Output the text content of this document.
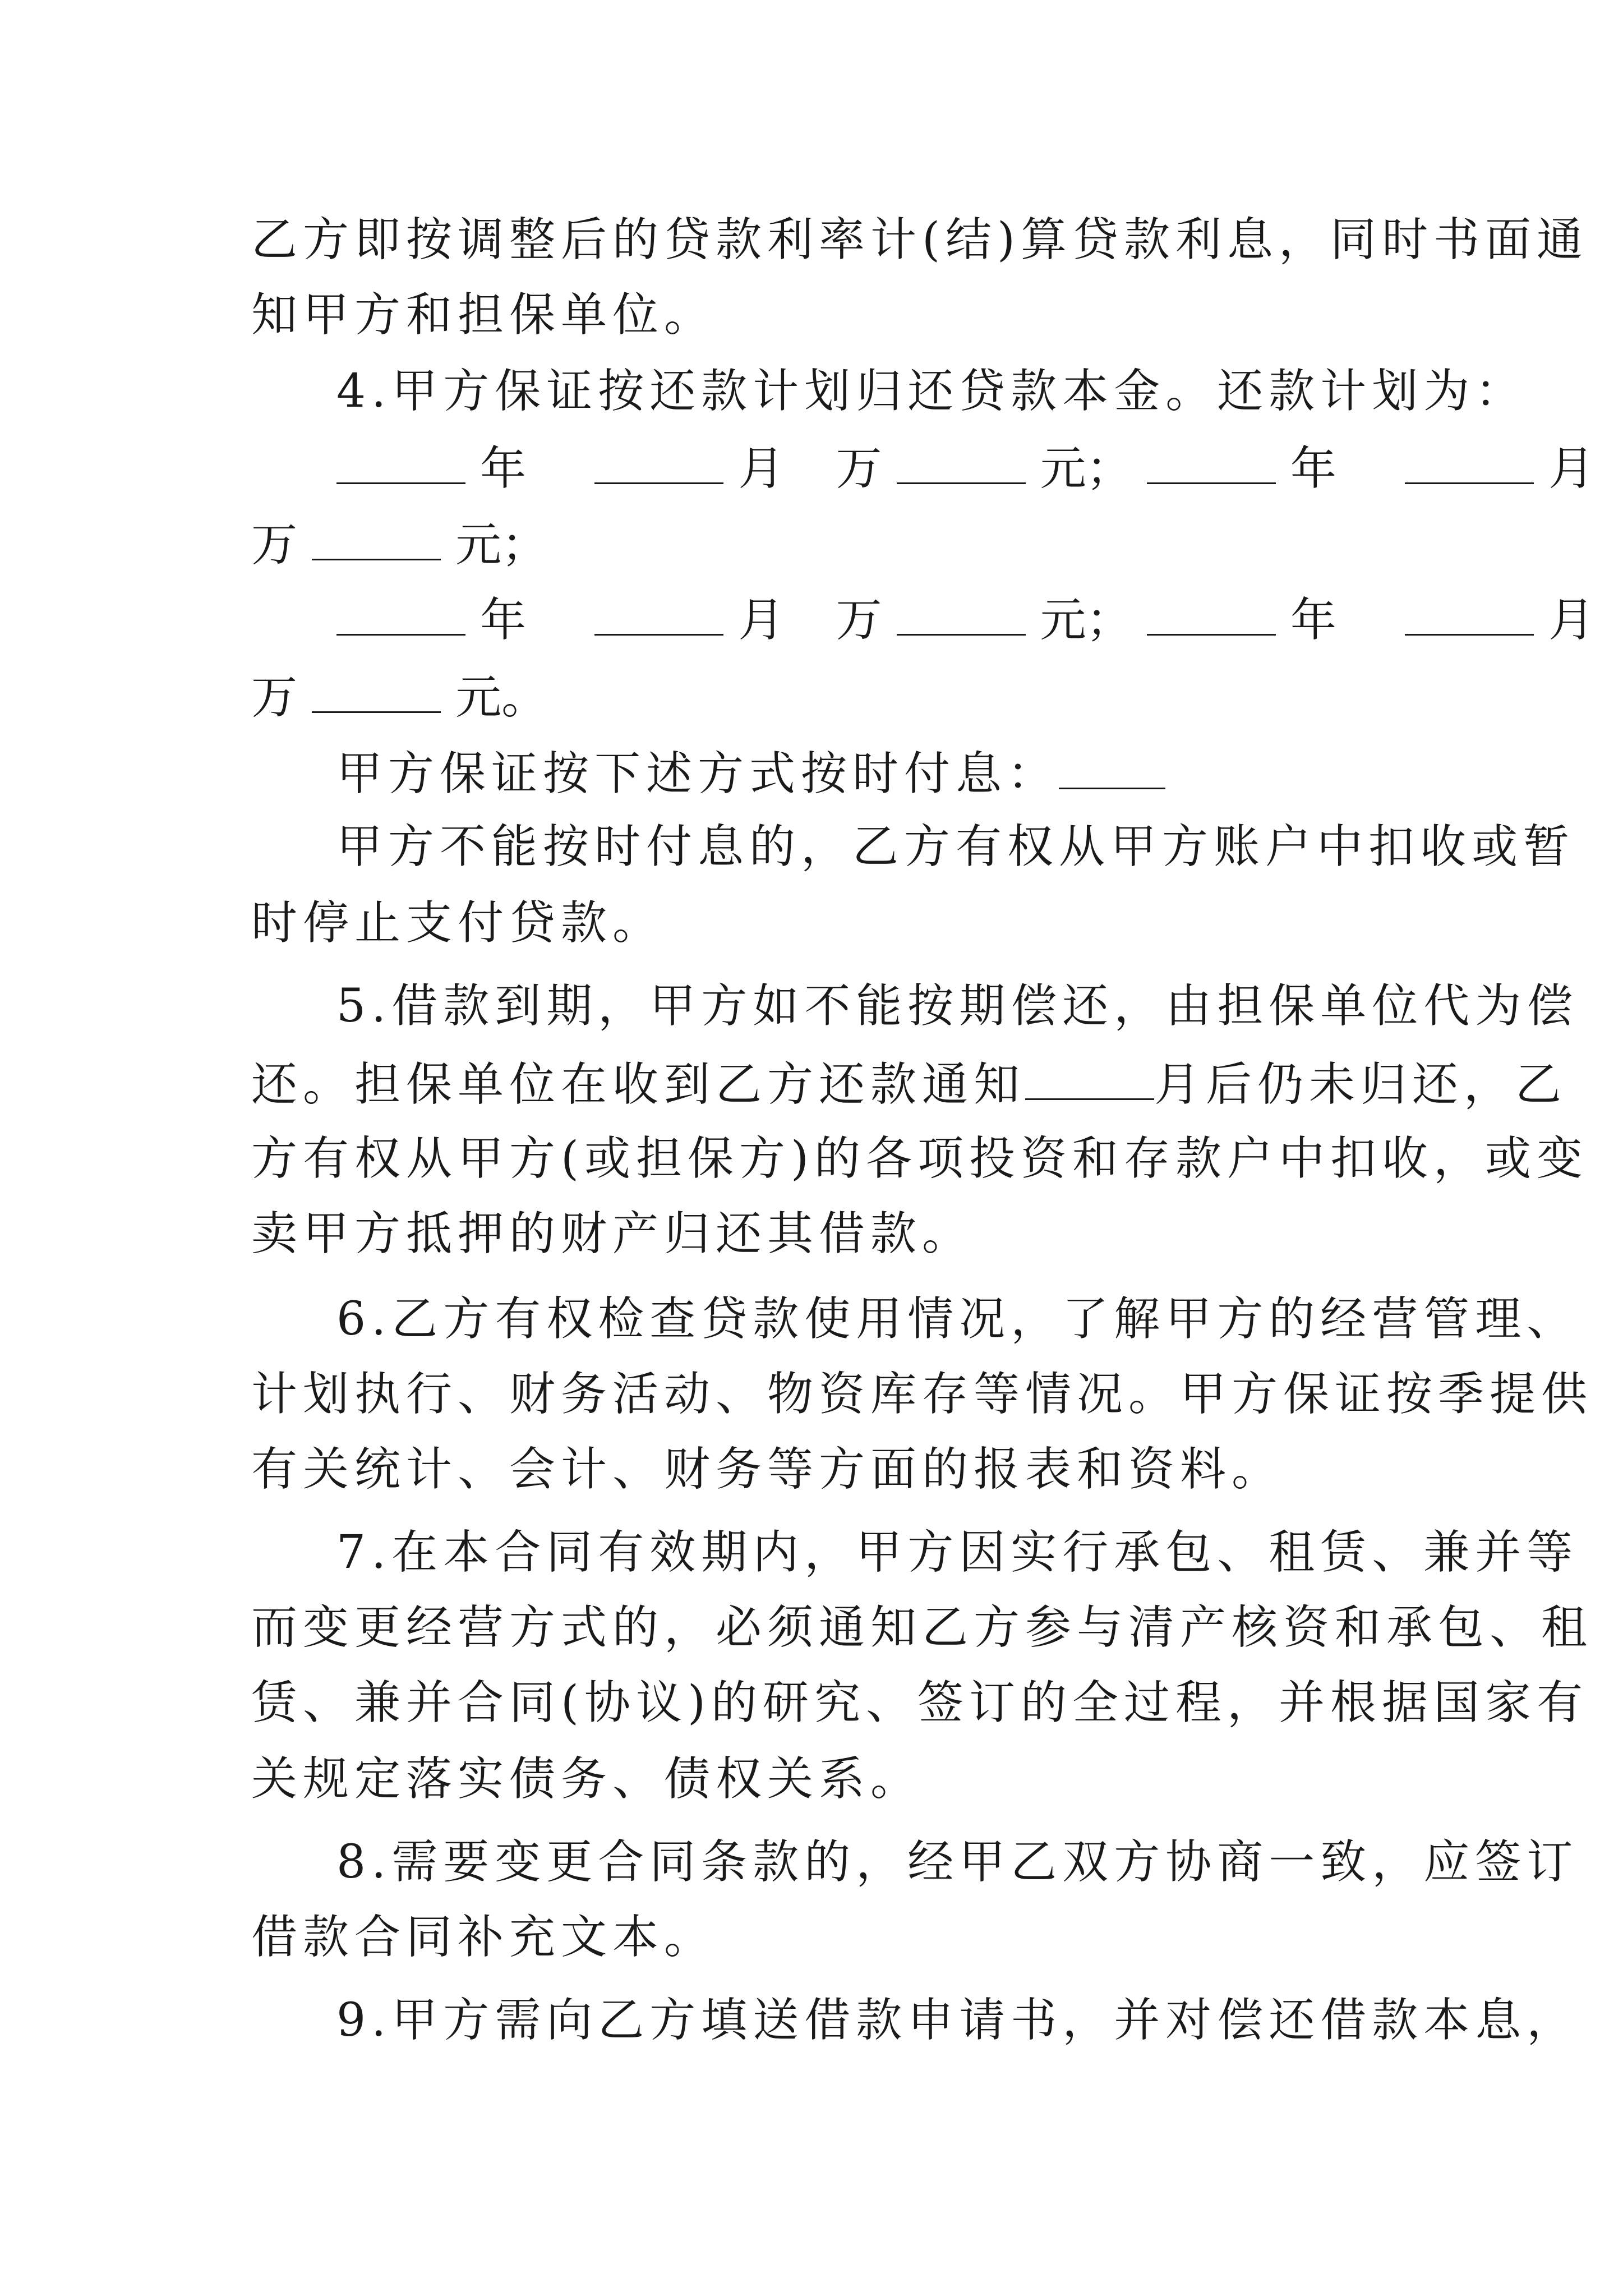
乙方即按调整后的贷款利率计(结)算贷款利息，同时书面通
知甲方和担保单位。
4.甲方保证按还款计划归还贷款本金。还款计划为：
年	月 万	元；	年	月
万	元；
年	月 万	元；	年	月
万	元。
甲方保证按下述方式按时付息：
甲方不能按时付息的，乙方有权从甲方账户中扣收或暂
时停止支付贷款。
5.借款到期，甲方如不能按期偿还，由担保单位代为偿
还。担保单位在收到乙方还款通知	月后仍未归还，乙
方有权从甲方(或担保方)的各项投资和存款户中扣收，或变
卖甲方抵押的财产归还其借款。
6.乙方有权检查贷款使用情况，了解甲方的经营管理、
计划执行、财务活动、物资库存等情况。甲方保证按季提供
有关统计、会计、财务等方面的报表和资料。
7.在本合同有效期内，甲方因实行承包、租赁、兼并等
而变更经营方式的，必须通知乙方参与清产核资和承包、租
赁、兼并合同(协议)的研究、签订的全过程，并根据国家有
关规定落实债务、债权关系。
8.需要变更合同条款的，经甲乙双方协商一致，应签订
借款合同补充文本。
9.甲方需向乙方填送借款申请书，并对偿还借款本息，
